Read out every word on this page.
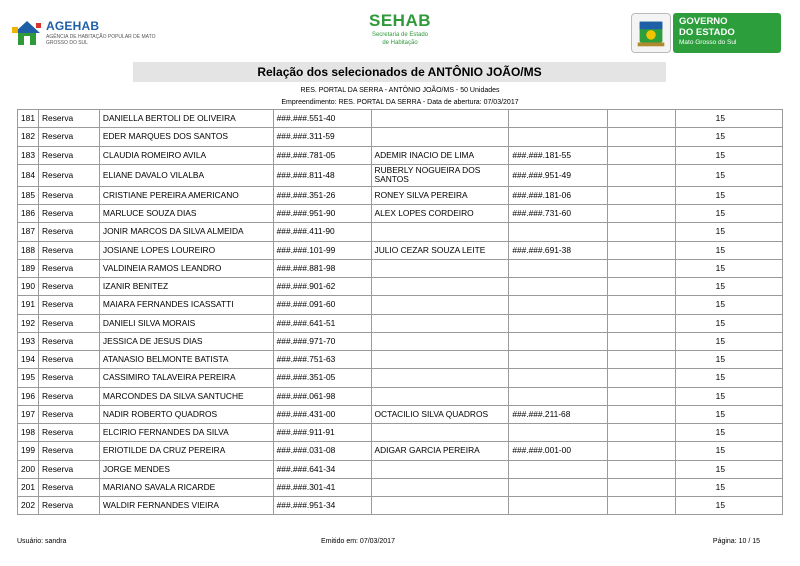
AGEHAB
AGÊNCIA DE HABITAÇÃO POPULAR DE MATO GROSSO DO SUL
SEHAB
Secretaria de Estado
de Habitação
GOVERNO
DO ESTADO
Mato Grosso do Sul
Relação dos selecionados de ANTÔNIO JOÃO/MS
RES. PORTAL DA SERRA - ANTÔNIO JOÃO/MS - 50 Unidades
Empreendimento: RES. PORTAL DA SERRA - Data de abertura: 07/03/2017
181	Reserva	DANIELLA BERTOLI DE OLIVEIRA	###.###.551-40				15
182	Reserva	EDER MARQUES DOS SANTOS	###.###.311-59				15
183	Reserva	CLAUDIA ROMEIRO AVILA	###.###.781-05	ADEMIR INACIO DE LIMA	###.###.181-55		15
184	Reserva	ELIANE DAVALO VILALBA	###.###.811-48	RUBERLY NOGUEIRA DOS SANTOS	###.###.951-49		15
185	Reserva	CRISTIANE PEREIRA AMERICANO	###.###.351-26	RONEY SILVA PEREIRA	###.###.181-06		15
186	Reserva	MARLUCE SOUZA DIAS	###.###.951-90	ALEX LOPES CORDEIRO	###.###.731-60		15
187	Reserva	JONIR MARCOS DA SILVA ALMEIDA	###.###.411-90				15
188	Reserva	JOSIANE LOPES LOUREIRO	###.###.101-99	JULIO CEZAR SOUZA LEITE	###.###.691-38		15
189	Reserva	VALDINEIA RAMOS LEANDRO	###.###.881-98				15
190	Reserva	IZANIR BENITEZ	###.###.901-62				15
191	Reserva	MAIARA FERNANDES ICASSATTI	###.###.091-60				15
192	Reserva	DANIELI SILVA MORAIS	###.###.641-51				15
193	Reserva	JESSICA DE JESUS DIAS	###.###.971-70				15
194	Reserva	ATANASIO BELMONTE BATISTA	###.###.751-63				15
195	Reserva	CASSIMIRO TALAVEIRA PEREIRA	###.###.351-05				15
196	Reserva	MARCONDES DA SILVA SANTUCHE	###.###.061-98				15
197	Reserva	NADIR ROBERTO QUADROS	###.###.431-00	OCTACILIO SILVA QUADROS	###.###.211-68		15
198	Reserva	ELCIRIO FERNANDES DA SILVA	###.###.911-91				15
199	Reserva	ERIOTILDE DA CRUZ PEREIRA	###.###.031-08	ADIGAR GARCIA PEREIRA	###.###.001-00		15
200	Reserva	JORGE MENDES	###.###.641-34				15
201	Reserva	MARIANO SAVALA RICARDE	###.###.301-41				15
202	Reserva	WALDIR FERNANDES VIEIRA	###.###.951-34				15
Usuário: sandra	Emitido em: 07/03/2017	Página: 10 / 15
